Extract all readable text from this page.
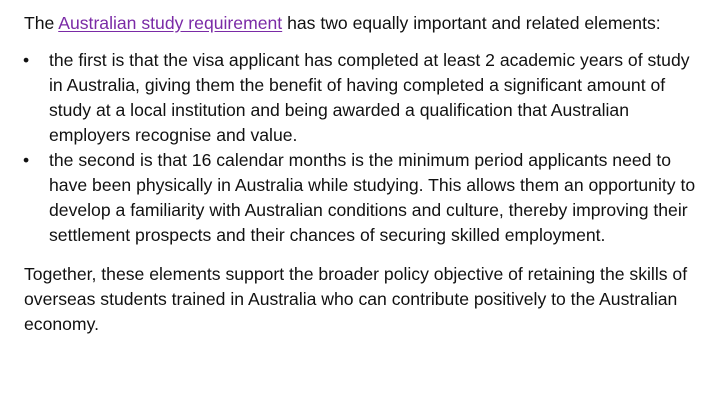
The Australian study requirement has two equally important and related elements:

•	the first is that the visa applicant has completed at least 2 academic years of study in Australia, giving them the benefit of having completed a significant amount of study at a local institution and being awarded a qualification that Australian employers recognise and value.
•	the second is that 16 calendar months is the minimum period applicants need to have been physically in Australia while studying. This allows them an opportunity to develop a familiarity with Australian conditions and culture, thereby improving their settlement prospects and their chances of securing skilled employment.

Together, these elements support the broader policy objective of retaining the skills of overseas students trained in Australia who can contribute positively to the Australian economy.
